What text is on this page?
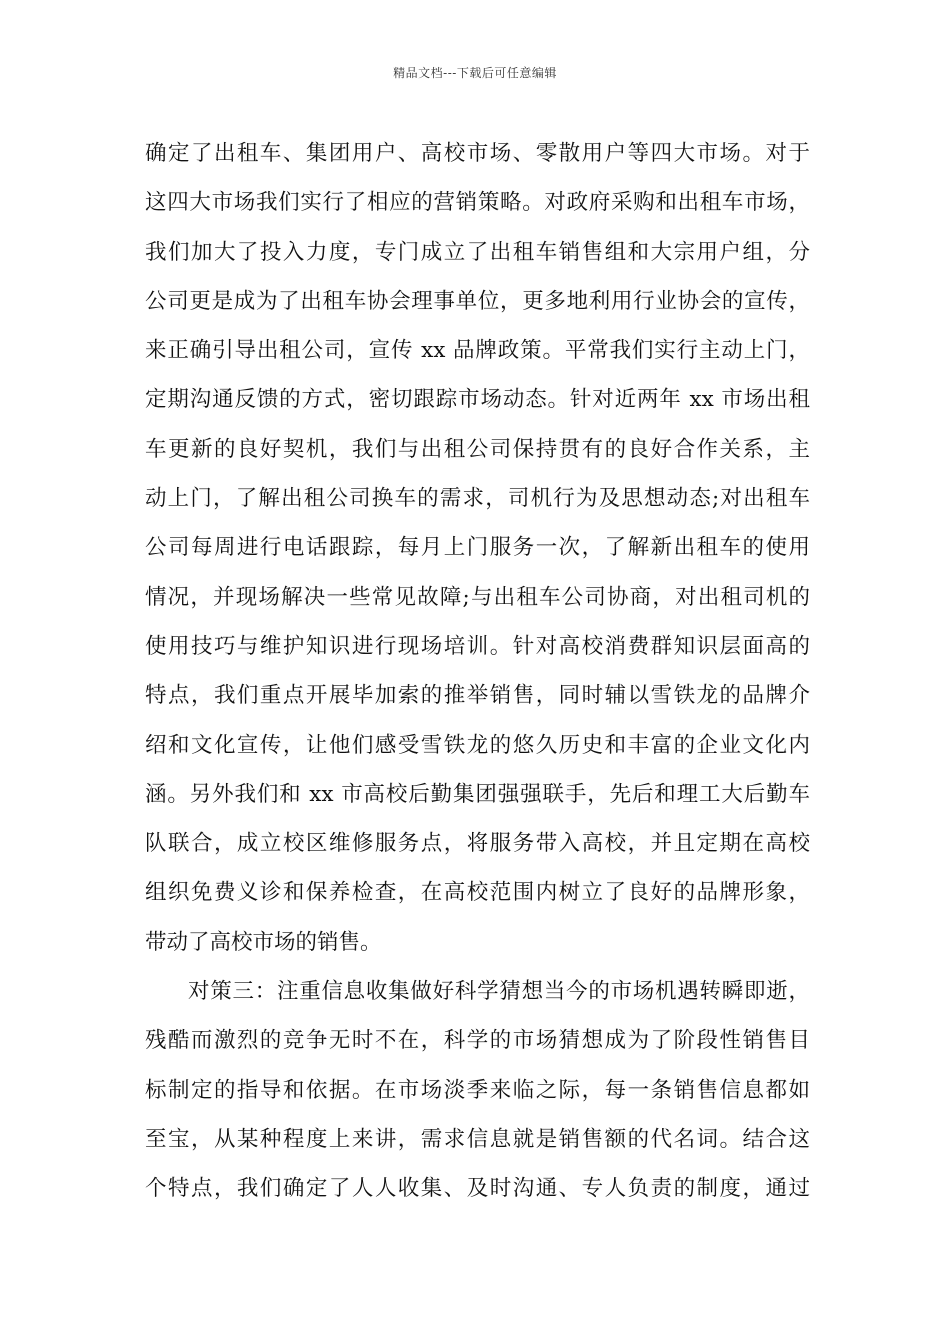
精品文档---下载后可任意编辑
确定了出租车、集团用户、高校市场、零散用户等四大市场。对于
这四大市场我们实行了相应的营销策略。对政府采购和出租车市场，
我们加大了投入力度，专门成立了出租车销售组和大宗用户组，分
公司更是成为了出租车协会理事单位，更多地利用行业协会的宣传，
来正确引导出租公司，宣传 xx 品牌政策。平常我们实行主动上门，
定期沟通反馈的方式，密切跟踪市场动态。针对近两年 xx 市场出租
车更新的良好契机，我们与出租公司保持贯有的良好合作关系，主
动上门，了解出租公司换车的需求，司机行为及思想动态;对出租车
公司每周进行电话跟踪，每月上门服务一次，了解新出租车的使用
情况，并现场解决一些常见故障;与出租车公司协商，对出租司机的
使用技巧与维护知识进行现场培训。针对高校消费群知识层面高的
特点，我们重点开展毕加索的推举销售，同时辅以雪铁龙的品牌介
绍和文化宣传，让他们感受雪铁龙的悠久历史和丰富的企业文化内
涵。另外我们和 xx 市高校后勤集团强强联手，先后和理工大后勤车
队联合，成立校区维修服务点，将服务带入高校，并且定期在高校
组织免费义诊和保养检查，在高校范围内树立了良好的品牌形象，
带动了高校市场的销售。
对策三：注重信息收集做好科学猜想当今的市场机遇转瞬即逝，
残酷而激烈的竞争无时不在，科学的市场猜想成为了阶段性销售目
标制定的指导和依据。在市场淡季来临之际，每一条销售信息都如
至宝，从某种程度上来讲，需求信息就是销售额的代名词。结合这
个特点，我们确定了人人收集、及时沟通、专人负责的制度，通过
